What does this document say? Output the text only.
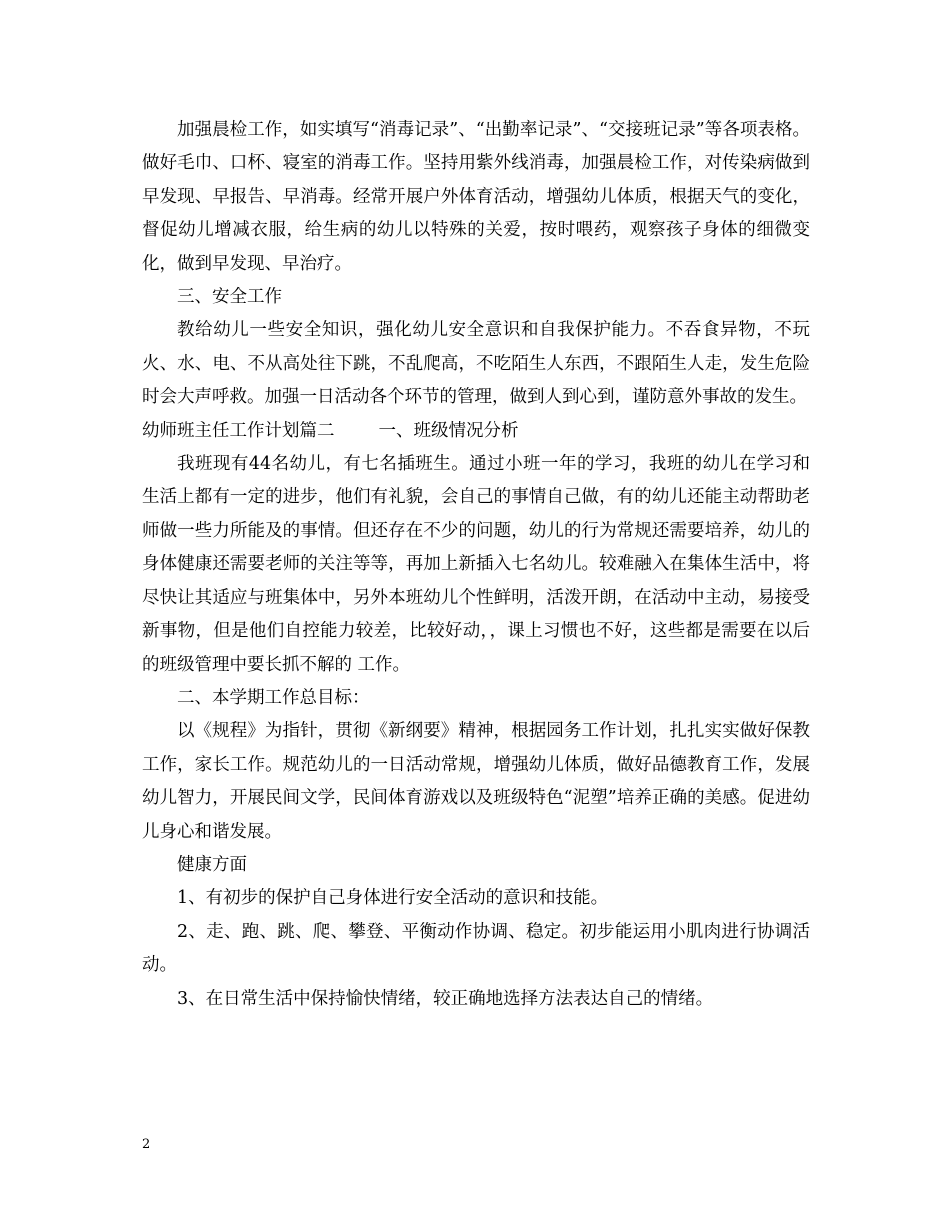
加强晨检工作，如实填写“消毒记录”、“出勤率记录”、“交接班记录”等各项表格。做好毛巾、口杯、寝室的消毒工作。坚持用紫外线消毒，加强晨检工作，对传染病做到早发现、早报告、早消毒。经常开展户外体育活动，增强幼儿体质，根据天气的变化，督促幼儿增减衣服，给生病的幼儿以特殊的关爱，按时喂药，观察孩子身体的细微变化，做到早发现、早治疗。

三、安全工作

教给幼儿一些安全知识，强化幼儿安全意识和自我保护能力。不吞食异物，不玩火、水、电、不从高处往下跳，不乱爬高，不吃陌生人东西，不跟陌生人走，发生危险时会大声呼救。加强一日活动各个环节的管理，做到人到心到，谨防意外事故的发生。

幼师班主任工作计划篇二	一、班级情况分析

我班现有44名幼儿，有七名插班生。通过小班一年的学习，我班的幼儿在学习和生活上都有一定的进步，他们有礼貌，会自己的事情自己做，有的幼儿还能主动帮助老师做一些力所能及的事情。但还存在不少的问题，幼儿的行为常规还需要培养，幼儿的身体健康还需要老师的关注等等，再加上新插入七名幼儿。较难融入在集体生活中，将尽快让其适应与班集体中，另外本班幼儿个性鲜明，活泼开朗，在活动中主动，易接受新事物，但是他们自控能力较差，比较好动，，课上习惯也不好，这些都是需要在以后的班级管理中要长抓不解的 工作。

二、本学期工作总目标：

以《规程》为指针，贯彻《新纲要》精神，根据园务工作计划，扎扎实实做好保教工作，家长工作。规范幼儿的一日活动常规，增强幼儿体质，做好品德教育工作，发展幼儿智力，开展民间文学，民间体育游戏以及班级特色“泥塑”培养正确的美感。促进幼儿身心和谐发展。

健康方面

1、有初步的保护自己身体进行安全活动的意识和技能。

2、走、跑、跳、爬、攀登、平衡动作协调、稳定。初步能运用小肌肉进行协调活动。

3、在日常生活中保持愉快情绪，较正确地选择方法表达自己的情绪。

2
